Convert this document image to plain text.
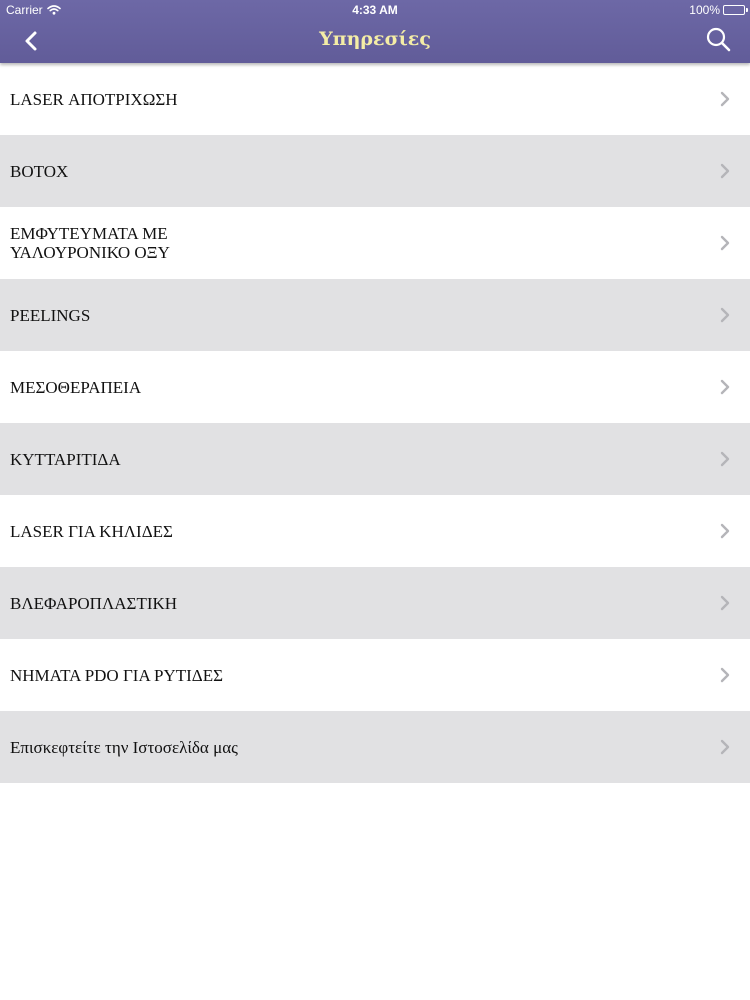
Carrier	4:33 AM	100%
Υπηρεσίες
LASER ΑΠΟΤΡΙΧΩΣΗ
BOTOX
ΕΜΦΥΤΕΥΜΑΤΑ ΜΕ
ΥΑΛΟΥΡΟΝΙΚΟ ΟΞΥ
PEELINGS
ΜΕΣΟΘΕΡΑΠΕΙΑ
ΚΥΤΤΑΡΙΤΙΔΑ
LASER ΓΙΑ ΚΗΛΙΔΕΣ
ΒΛΕΦΑΡΟΠΛΑΣΤΙΚΗ
ΝΗΜΑΤΑ PDO ΓΙΑ ΡΥΤΙΔΕΣ
Επισκεφτείτε την Ιστοσελίδα μας
